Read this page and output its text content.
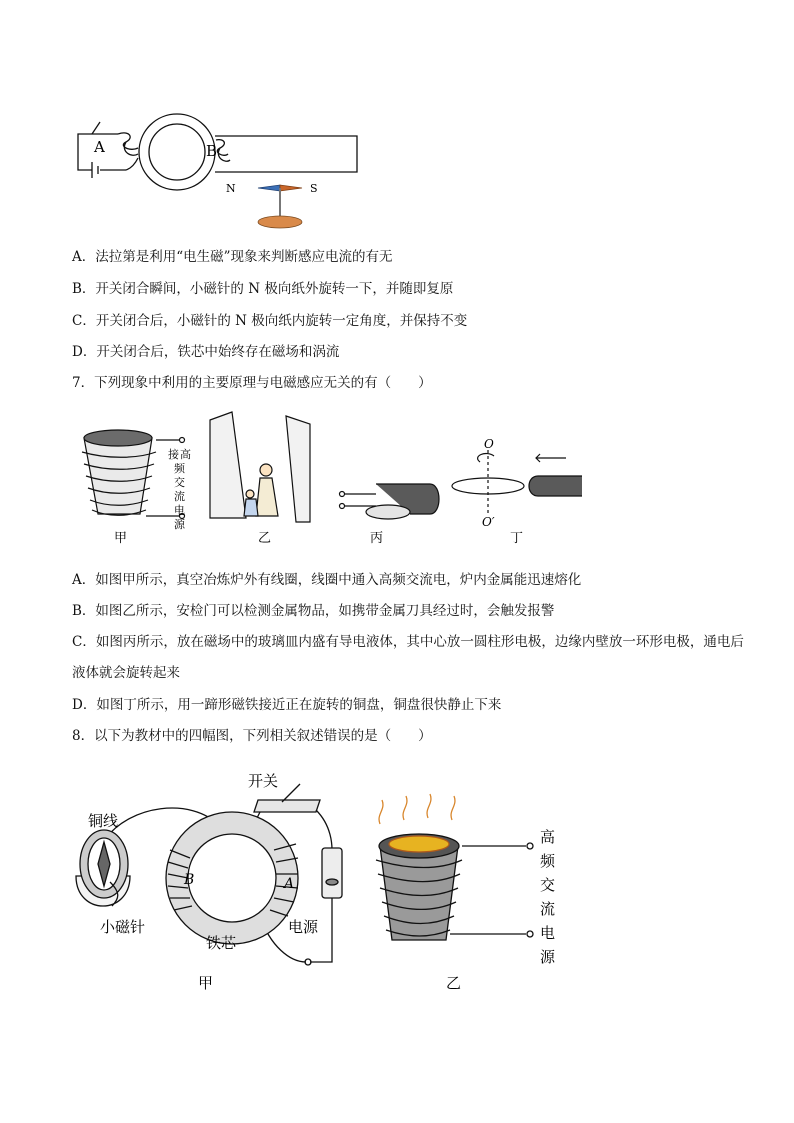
A	B
N	S
A．法拉第是利用“电生磁”现象来判断感应电流的有无
B．开关闭合瞬间，小磁针的 N 极向纸外旋转一下，并随即复原
C．开关闭合后，小磁针的 N 极向纸内旋转一定角度，并保持不变
D．开关闭合后，铁芯中始终存在磁场和涡流
7．下列现象中利用的主要原理与电磁感应无关的有（　　）
接 高
频
交
流
电
源
甲	乙	丙
O
O′
丁
A．如图甲所示，真空冶炼炉外有线圈，线圈中通入高频交流电，炉内金属能迅速熔化
B．如图乙所示，安检门可以检测金属物品，如携带金属刀具经过时，会触发报警
C．如图丙所示，放在磁场中的玻璃皿内盛有导电液体，其中心放一圆柱形电极，边缘内壁放一环形电极，通电后液体就会旋转起来
D．如图丁所示，用一蹄形磁铁接近正在旋转的铜盘，铜盘很快静止下来
8．以下为教材中的四幅图，下列相关叙述错误的是（　　）
开关
铜线
B	A
小磁针
铁芯
电源
甲
高
频
交
流
电
源
乙
